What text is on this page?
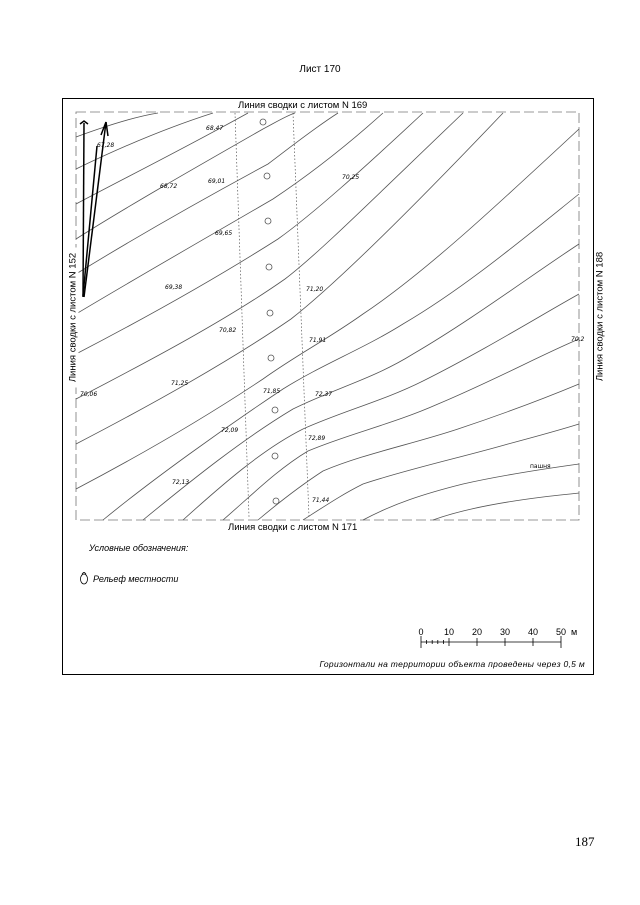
Лист 170
Линия сводки с листом N 169
Линия сводки с листом N 171
Линия сводки с листом N 152	Линия сводки с листом N 188
67,28
68,47
68,72
69,01
69,65
69,38
70,25
71,20
70,82
71,91
70,06
71,25
71,85	72,37
72,09
72,89
72,13
71,44
70,2
пашня
Условные обозначения:
Рельеф местности
0 10 20 30 40 50 м
Горизонтали на территории объекта проведены через 0,5 м
187
